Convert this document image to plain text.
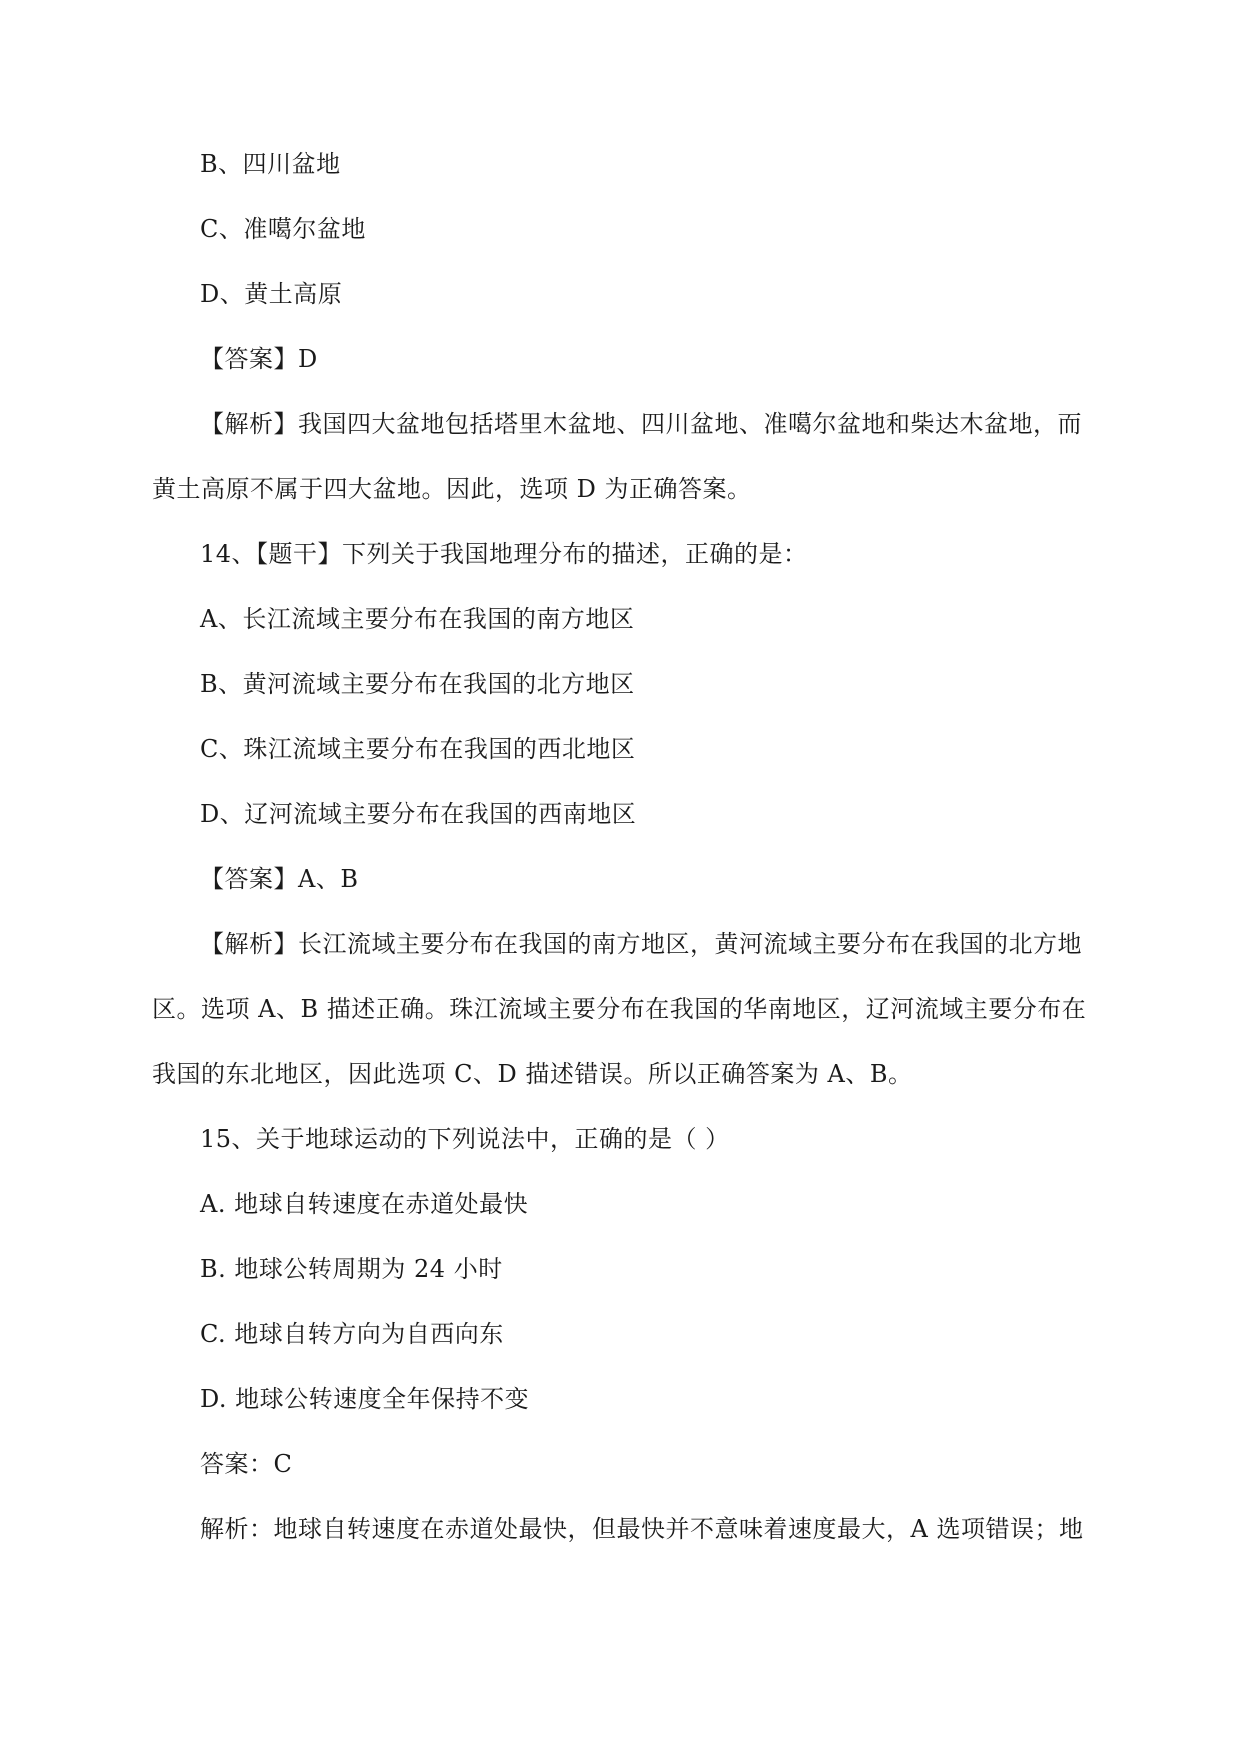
B、四川盆地
C、准噶尔盆地
D、黄土高原
【答案】D
【解析】我国四大盆地包括塔里木盆地、四川盆地、准噶尔盆地和柴达木盆地，而
黄土高原不属于四大盆地。因此，选项 D 为正确答案。
14、【题干】下列关于我国地理分布的描述，正确的是：
A、长江流域主要分布在我国的南方地区
B、黄河流域主要分布在我国的北方地区
C、珠江流域主要分布在我国的西北地区
D、辽河流域主要分布在我国的西南地区
【答案】A、B
【解析】长江流域主要分布在我国的南方地区，黄河流域主要分布在我国的北方地
区。选项 A、B 描述正确。珠江流域主要分布在我国的华南地区，辽河流域主要分布在
我国的东北地区，因此选项 C、D 描述错误。所以正确答案为 A、B。
15、关于地球运动的下列说法中，正确的是（ ）
A. 地球自转速度在赤道处最快
B. 地球公转周期为 24 小时
C. 地球自转方向为自西向东
D. 地球公转速度全年保持不变
答案：C
解析：地球自转速度在赤道处最快，但最快并不意味着速度最大，A 选项错误；地
